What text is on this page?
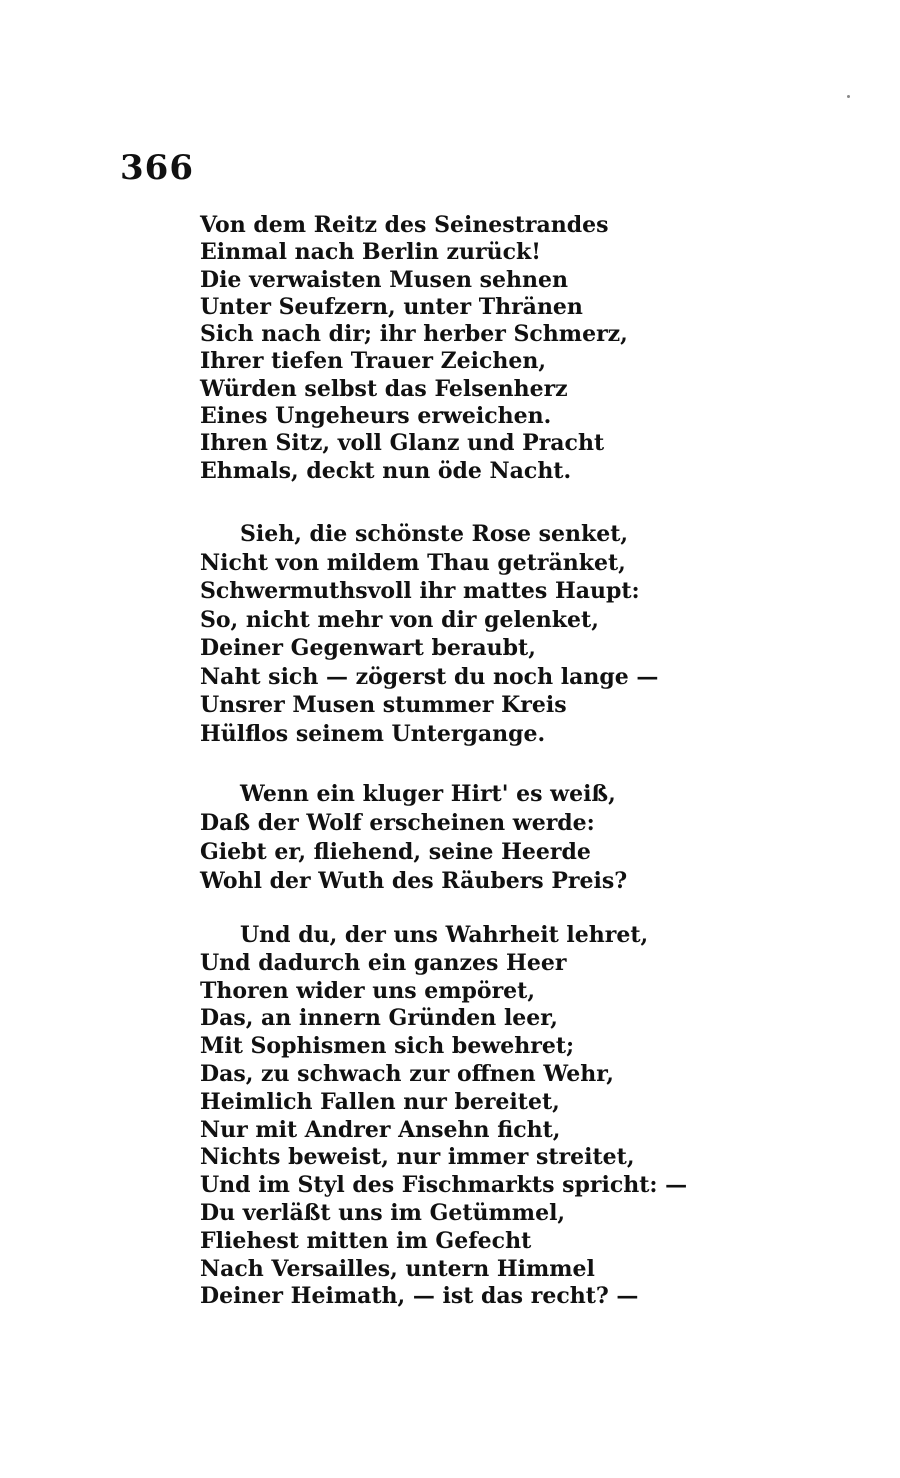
366
Von dem Reitz des Seinestrandes
Einmal nach Berlin zurück!
Die verwaisten Musen sehnen
Unter Seufzern, unter Thränen
Sich nach dir; ihr herber Schmerz,
Ihrer tiefen Trauer Zeichen,
Würden selbst das Felsenherz
Eines Ungeheurs erweichen.
Ihren Sitz, voll Glanz und Pracht
Ehmals, deckt nun öde Nacht.
Sieh, die schönste Rose senket,
Nicht von mildem Thau getränket,
Schwermuthsvoll ihr mattes Haupt:
So, nicht mehr von dir gelenket,
Deiner Gegenwart beraubt,
Naht sich — zögerst du noch lange —
Unsrer Musen stummer Kreis
Hülflos seinem Untergange.
Wenn ein kluger Hirt' es weiß,
Daß der Wolf erscheinen werde:
Giebt er, fliehend, seine Heerde
Wohl der Wuth des Räubers Preis?
Und du, der uns Wahrheit lehret,
Und dadurch ein ganzes Heer
Thoren wider uns empöret,
Das, an innern Gründen leer,
Mit Sophismen sich bewehret;
Das, zu schwach zur offnen Wehr,
Heimlich Fallen nur bereitet,
Nur mit Andrer Ansehn ficht,
Nichts beweist, nur immer streitet,
Und im Styl des Fischmarkts spricht: —
Du verläßt uns im Getümmel,
Fliehest mitten im Gefecht
Nach Versailles, untern Himmel
Deiner Heimath, — ist das recht? —
